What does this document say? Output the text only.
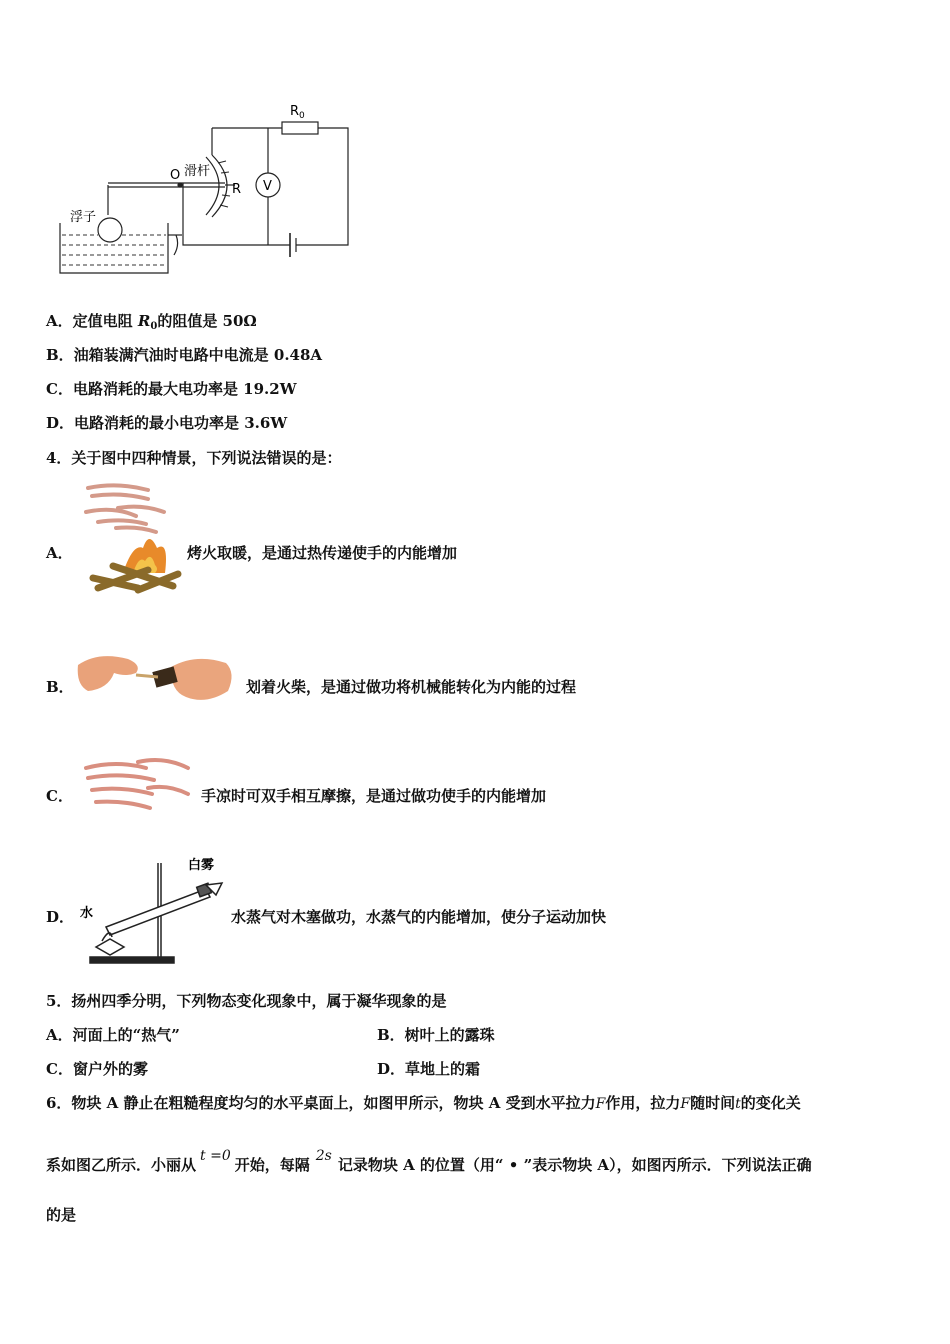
$R_0$
O 滑杆
R V
浮子
A．定值电阻 $R_0$的阻值是 50Ω
B．油箱装满汽油时电路中电流是 0.48A
C．电路消耗的最大电功率是 19.2W
D．电路消耗的最小电功率是 3.6W
4．关于图中四种情景，下列说法错误的是：
A．	烤火取暖，是通过热传递使手的内能增加
B．	划着火柴，是通过做功将机械能转化为内能的过程
C．	手凉时可双手相互摩擦，是通过做功使手的内能增加
D．
白雾
水	水蒸气对木塞做功，水蒸气的内能增加，使分子运动加快
5．扬州四季分明，下列物态变化现象中，属于凝华现象的是
A．河面上的“热气”	B．树叶上的露珠
C．窗户外的雾	D．草地上的霜
6．物块 A 静止在粗糙程度均匀的水平桌面上，如图甲所示，物块 A 受到水平拉力F作用，拉力F随时间t的变化关
系如图乙所示．小丽从 t =0 开始，每隔 2s 记录物块 A 的位置（用“ • ”表示物块 A），如图丙所示．下列说法正确
的是
